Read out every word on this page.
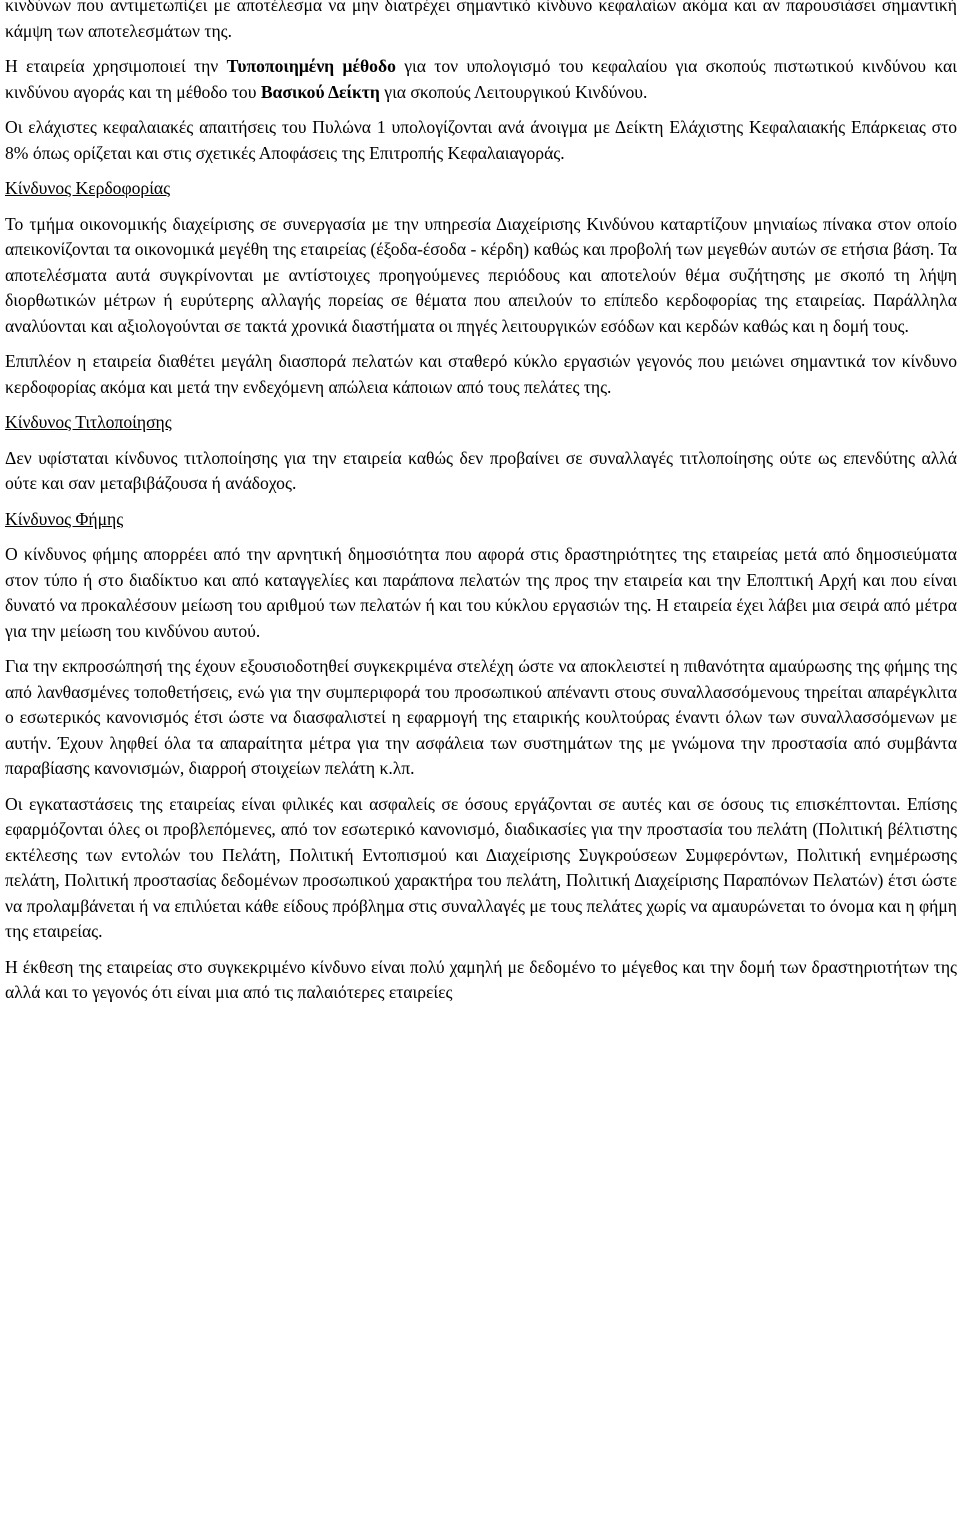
κινδύνων που αντιμετωπίζει με αποτέλεσμα να μην διατρέχει σημαντικό κίνδυνο κεφαλαίων ακόμα και αν παρουσιάσει σημαντική κάμψη των αποτελεσμάτων της.

Η εταιρεία χρησιμοποιεί την Τυποποιημένη μέθοδο για τον υπολογισμό του κεφαλαίου για σκοπούς πιστωτικού κινδύνου και κινδύνου αγοράς και τη μέθοδο του Βασικού Δείκτη για σκοπούς Λειτουργικού Κινδύνου.

Οι ελάχιστες κεφαλαιακές απαιτήσεις του Πυλώνα 1 υπολογίζονται ανά άνοιγμα με Δείκτη Ελάχιστης Κεφαλαιακής Επάρκειας στο 8% όπως ορίζεται και στις σχετικές Αποφάσεις της Επιτροπής Κεφαλαιαγοράς.

Κίνδυνος Κερδοφορίας

Το τμήμα οικονομικής διαχείρισης σε συνεργασία με την υπηρεσία Διαχείρισης Κινδύνου καταρτίζουν μηνιαίως πίνακα στον οποίο απεικονίζονται τα οικονομικά μεγέθη της εταιρείας (έξοδα-έσοδα - κέρδη) καθώς και προβολή των μεγεθών αυτών σε ετήσια βάση. Τα αποτελέσματα αυτά συγκρίνονται με αντίστοιχες προηγούμενες περιόδους και αποτελούν θέμα συζήτησης με σκοπό τη λήψη διορθωτικών μέτρων ή ευρύτερης αλλαγής πορείας σε θέματα που απειλούν το επίπεδο κερδοφορίας της εταιρείας. Παράλληλα αναλύονται και αξιολογούνται σε τακτά χρονικά διαστήματα οι πηγές λειτουργικών εσόδων και κερδών καθώς και η δομή τους.

Επιπλέον η εταιρεία διαθέτει μεγάλη διασπορά πελατών και σταθερό κύκλο εργασιών γεγονός που μειώνει σημαντικά τον κίνδυνο κερδοφορίας ακόμα και μετά την ενδεχόμενη απώλεια κάποιων από τους πελάτες της.

Κίνδυνος Τιτλοποίησης

Δεν υφίσταται κίνδυνος τιτλοποίησης για την εταιρεία καθώς δεν προβαίνει σε συναλλαγές τιτλοποίησης ούτε ως επενδύτης αλλά ούτε και σαν μεταβιβάζουσα ή ανάδοχος.

Κίνδυνος Φήμης

Ο κίνδυνος φήμης απορρέει από την αρνητική δημοσιότητα που αφορά στις δραστηριότητες της εταιρείας μετά από δημοσιεύματα στον τύπο ή στο διαδίκτυο και από καταγγελίες και παράπονα πελατών της προς την εταιρεία και την Εποπτική Αρχή και που είναι δυνατό να προκαλέσουν μείωση του αριθμού των πελατών ή και του κύκλου εργασιών της. Η εταιρεία έχει λάβει μια σειρά από μέτρα για την μείωση του κινδύνου αυτού.

Για την εκπροσώπησή της έχουν εξουσιοδοτηθεί συγκεκριμένα στελέχη ώστε να αποκλειστεί η πιθανότητα αμαύρωσης της φήμης της από λανθασμένες τοποθετήσεις, ενώ για την συμπεριφορά του προσωπικού απέναντι στους συναλλασσόμενους τηρείται απαρέγκλιτα ο εσωτερικός κανονισμός έτσι ώστε να διασφαλιστεί η εφαρμογή της εταιρικής κουλτούρας έναντι όλων των συναλλασσόμενων με αυτήν. Έχουν ληφθεί όλα τα απαραίτητα μέτρα για την ασφάλεια των συστημάτων της με γνώμονα την προστασία από συμβάντα παραβίασης κανονισμών, διαρροή στοιχείων πελάτη κ.λπ.

Οι εγκαταστάσεις της εταιρείας είναι φιλικές και ασφαλείς σε όσους εργάζονται σε αυτές και σε όσους τις επισκέπτονται. Επίσης εφαρμόζονται όλες οι προβλεπόμενες, από τον εσωτερικό κανονισμό, διαδικασίες για την προστασία του πελάτη (Πολιτική βέλτιστης εκτέλεσης των εντολών του Πελάτη, Πολιτική Εντοπισμού και Διαχείρισης Συγκρούσεων Συμφερόντων, Πολιτική ενημέρωσης πελάτη, Πολιτική προστασίας δεδομένων προσωπικού χαρακτήρα του πελάτη, Πολιτική Διαχείρισης Παραπόνων Πελατών) έτσι ώστε να προλαμβάνεται ή να επιλύεται κάθε είδους πρόβλημα στις συναλλαγές με τους πελάτες χωρίς να αμαυρώνεται το όνομα και η φήμη της εταιρείας.

Η έκθεση της εταιρείας στο συγκεκριμένο κίνδυνο είναι πολύ χαμηλή με δεδομένο το μέγεθος και την δομή των δραστηριοτήτων της αλλά και το γεγονός ότι είναι μια από τις παλαιότερες εταιρείες
